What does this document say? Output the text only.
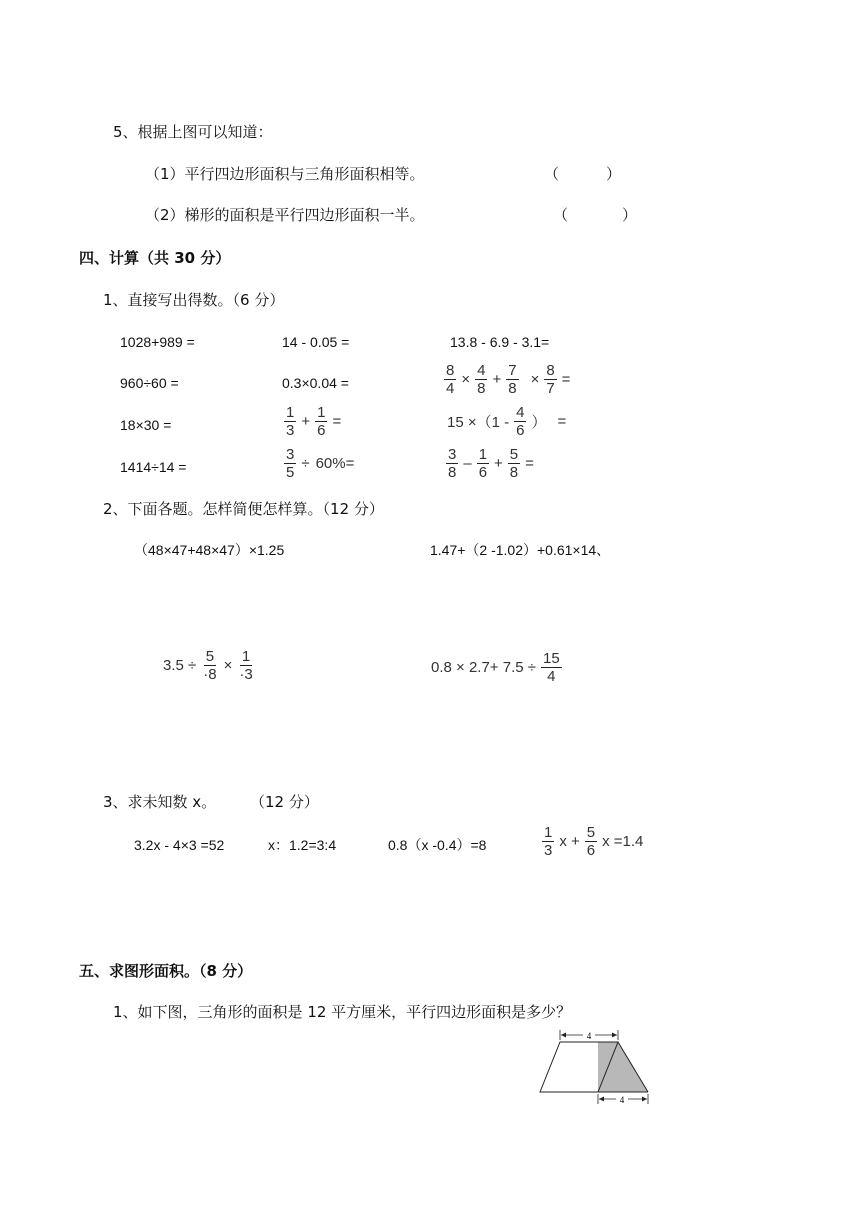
5、根据上图可以知道：
（1）平行四边形面积与三角形面积相等。	（	）
（2）梯形的面积是平行四边形面积一半。	（	）
四、计算（共 30 分）
1、直接写出得数。（6 分）
1028+989 =	14 - 0.05 =	13.8 - 6.9 - 3.1=
960÷60 =	0.3×0.04 =	$\frac{8}{4} \times \frac{4}{8} + \frac{7}{8} \times \frac{8}{7}$ =
18×30 =	$\frac{1}{3} + \frac{1}{6}$ =	$15 \times(1 - \frac{4}{6}$ ） =
1414÷14 =	$\frac{3}{5} \div 60\%=$	$\frac{3}{8} - \frac{1}{6} + \frac{5}{8}$ =
2、下面各题。怎样简便怎样算。（12 分）
（48×47+48×47）×1.25	1.47+（2 -1.02）+0.61×14、
$3.5 \div \frac{5}{\cdot 8} \times \frac{1}{\cdot 3}$	$0.8 \times 2.7+ 7.5 \div \frac{15}{4}$
3、求未知数 x。 （12 分）
3.2x - 4×3 =52	x：1.2=3:4	0.8（x -0.4）=8	$\frac{1}{3}$ $x + \frac{5}{6}$ x =1.4
五、求图形面积。（8 分）
1、如下图，三角形的面积是 12 平方厘米，平行四边形面积是多少？
4
4
